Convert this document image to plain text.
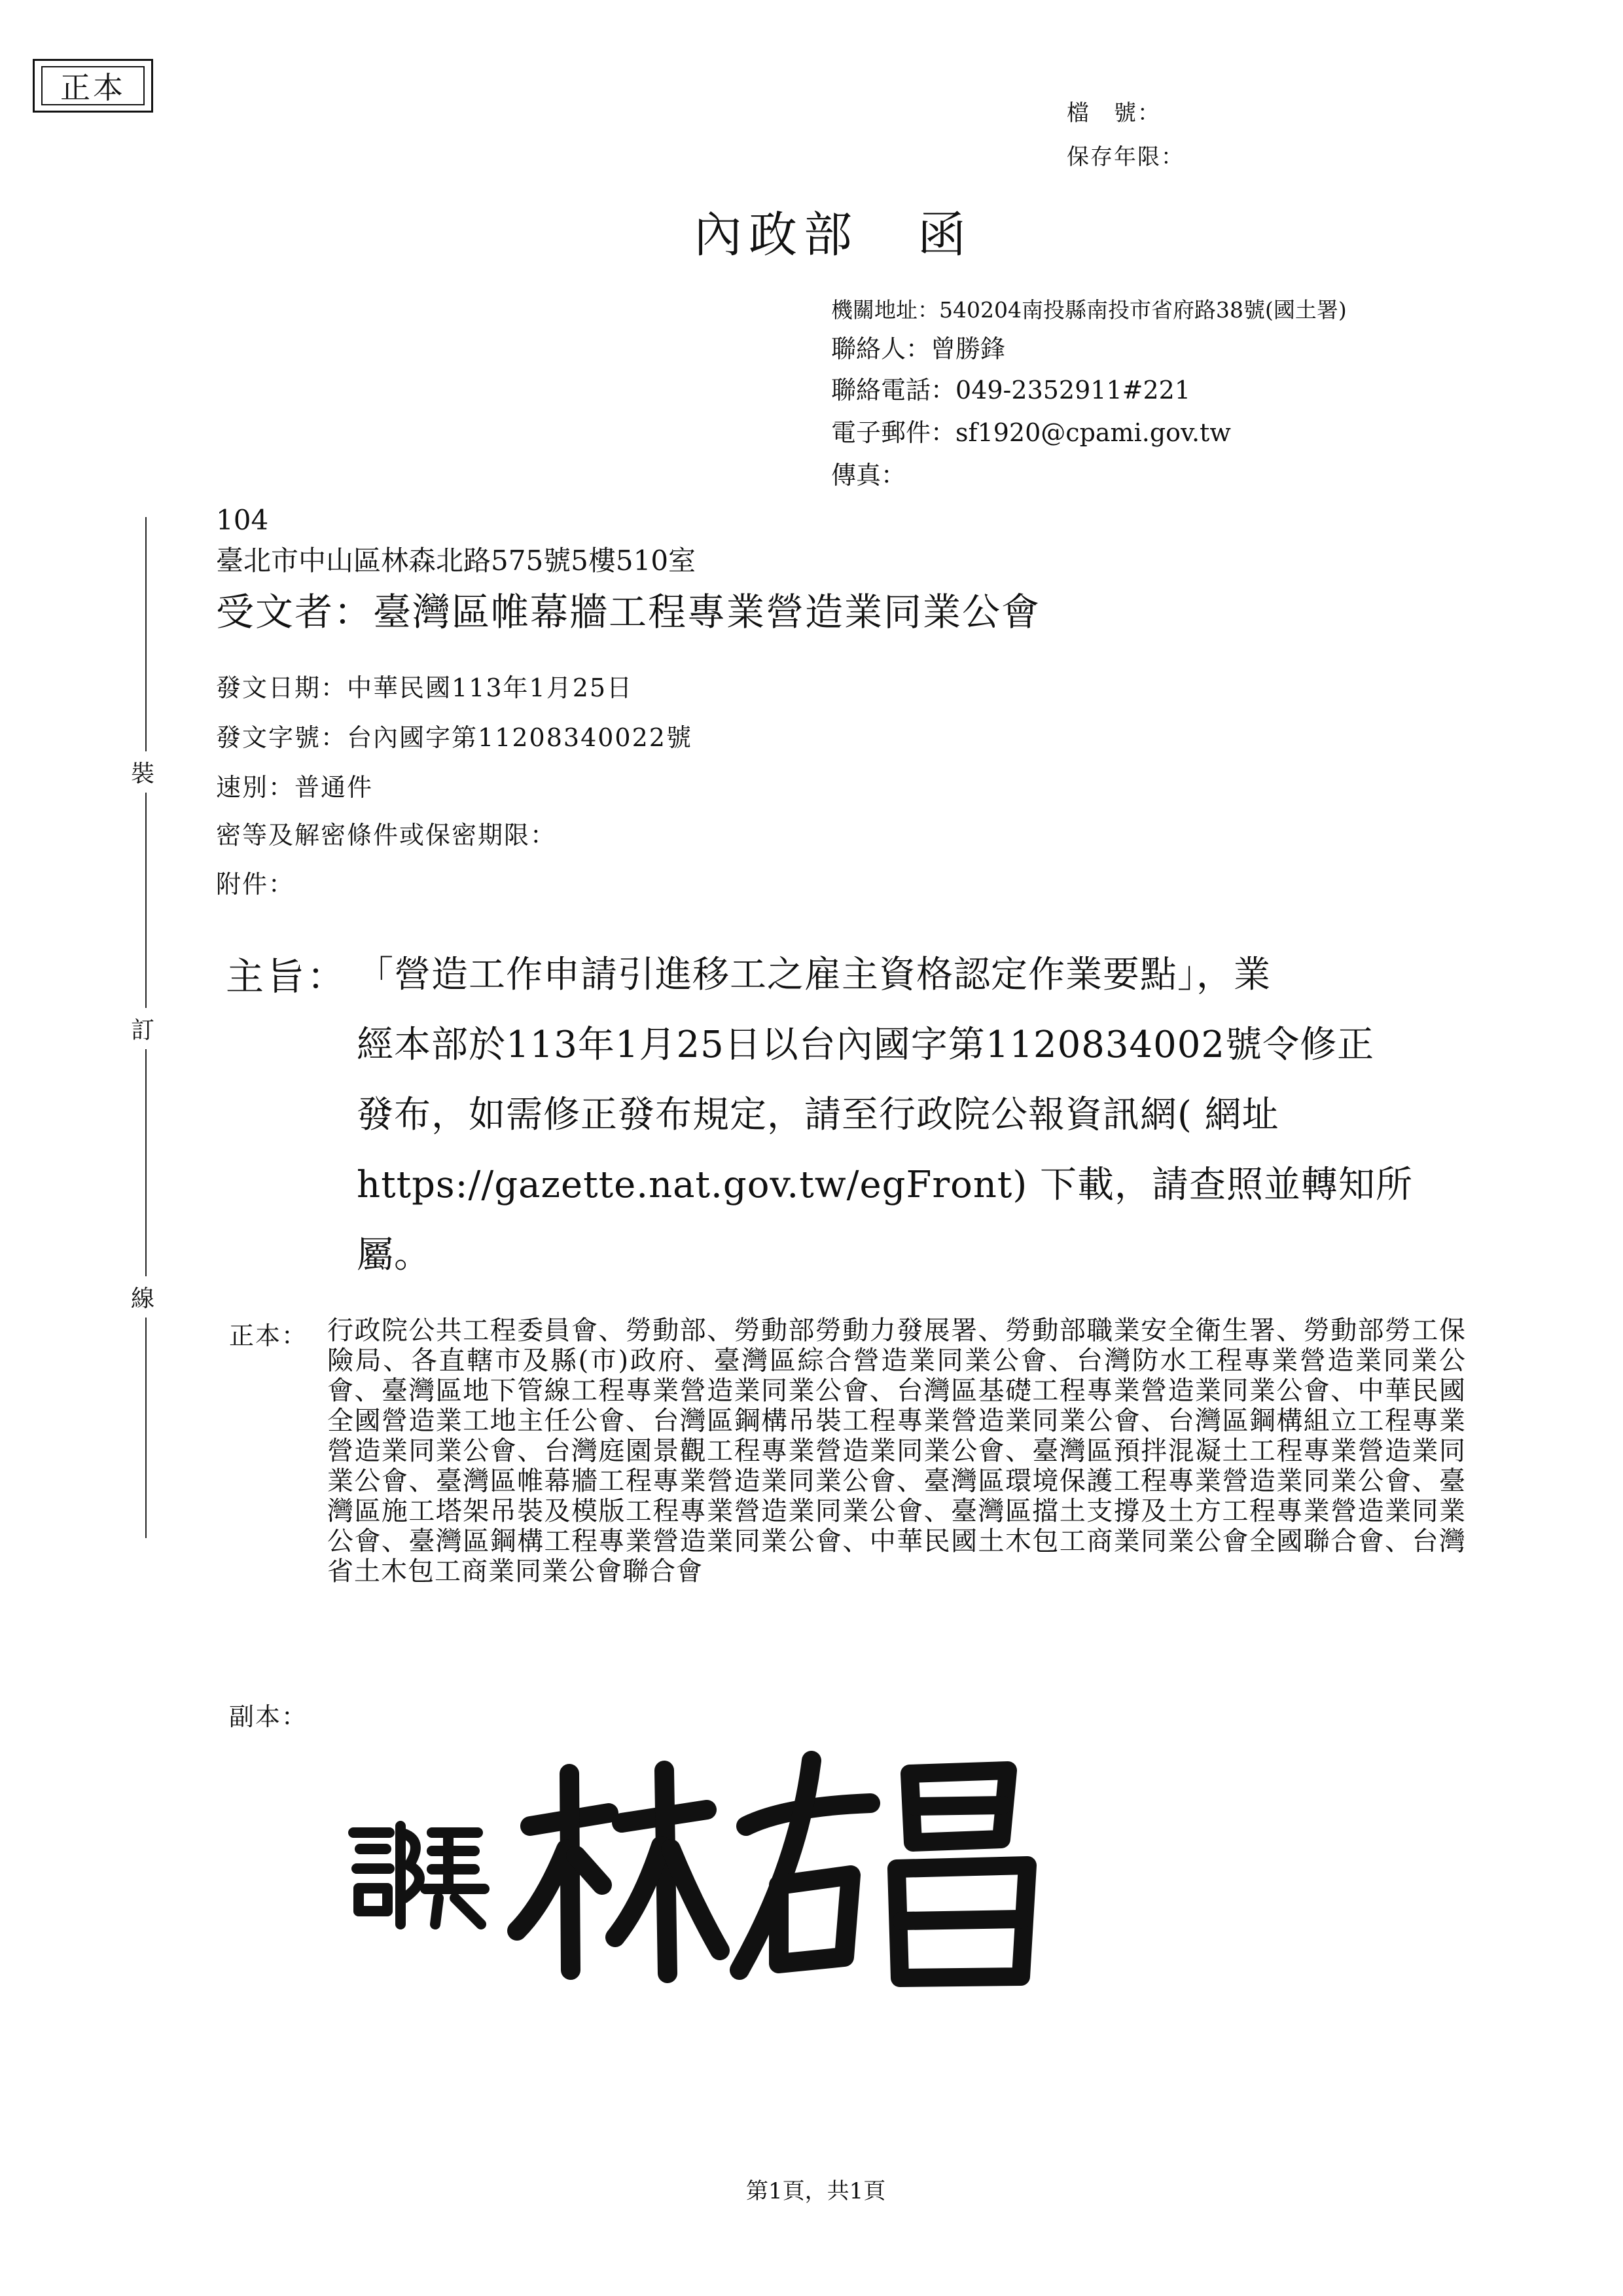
正本
檔　號：
保存年限：
內政部 函
機關地址：540204南投縣南投市省府路38號(國土署)
聯絡人：曾勝鋒
聯絡電話：049-2352911#221
電子郵件：sf1920@cpami.gov.tw
傳真：
裝
訂
線
104
臺北市中山區林森北路575號5樓510室
受文者：臺灣區帷幕牆工程專業營造業同業公會
發文日期：中華民國113年1月25日
發文字號：台內國字第11208340022號
速別：普通件
密等及解密條件或保密期限：
附件：
主旨： 「營造工作申請引進移工之雇主資格認定作業要點」，業
經本部於113年1月25日以台內國字第1120834002號令修正
發布，如需修正發布規定，請至行政院公報資訊網( 網址
https://gazette.nat.gov.tw/egFront) 下載，請查照並轉知所
屬。
正本： 行政院公共工程委員會、勞動部、勞動部勞動力發展署、勞動部職業安全衛生署、勞動部勞工保險局、各直轄市及縣(市)政府、臺灣區綜合營造業同業公會、台灣防水工程專業營造業同業公會、臺灣區地下管線工程專業營造業同業公會、台灣區基礎工程專業營造業同業公會、中華民國全國營造業工地主任公會、台灣區鋼構吊裝工程專業營造業同業公會、台灣區鋼構組立工程專業營造業同業公會、台灣庭園景觀工程專業營造業同業公會、臺灣區預拌混凝土工程專業營造業同業公會、臺灣區帷幕牆工程專業營造業同業公會、臺灣區環境保護工程專業營造業同業公會、臺灣區施工塔架吊裝及模版工程專業營造業同業公會、臺灣區擋土支撐及土方工程專業營造業同業公會、臺灣區鋼構工程專業營造業同業公會、中華民國土木包工商業同業公會全國聯合會、台灣省土木包工商業同業公會聯合會
副本：
第1頁，共1頁
